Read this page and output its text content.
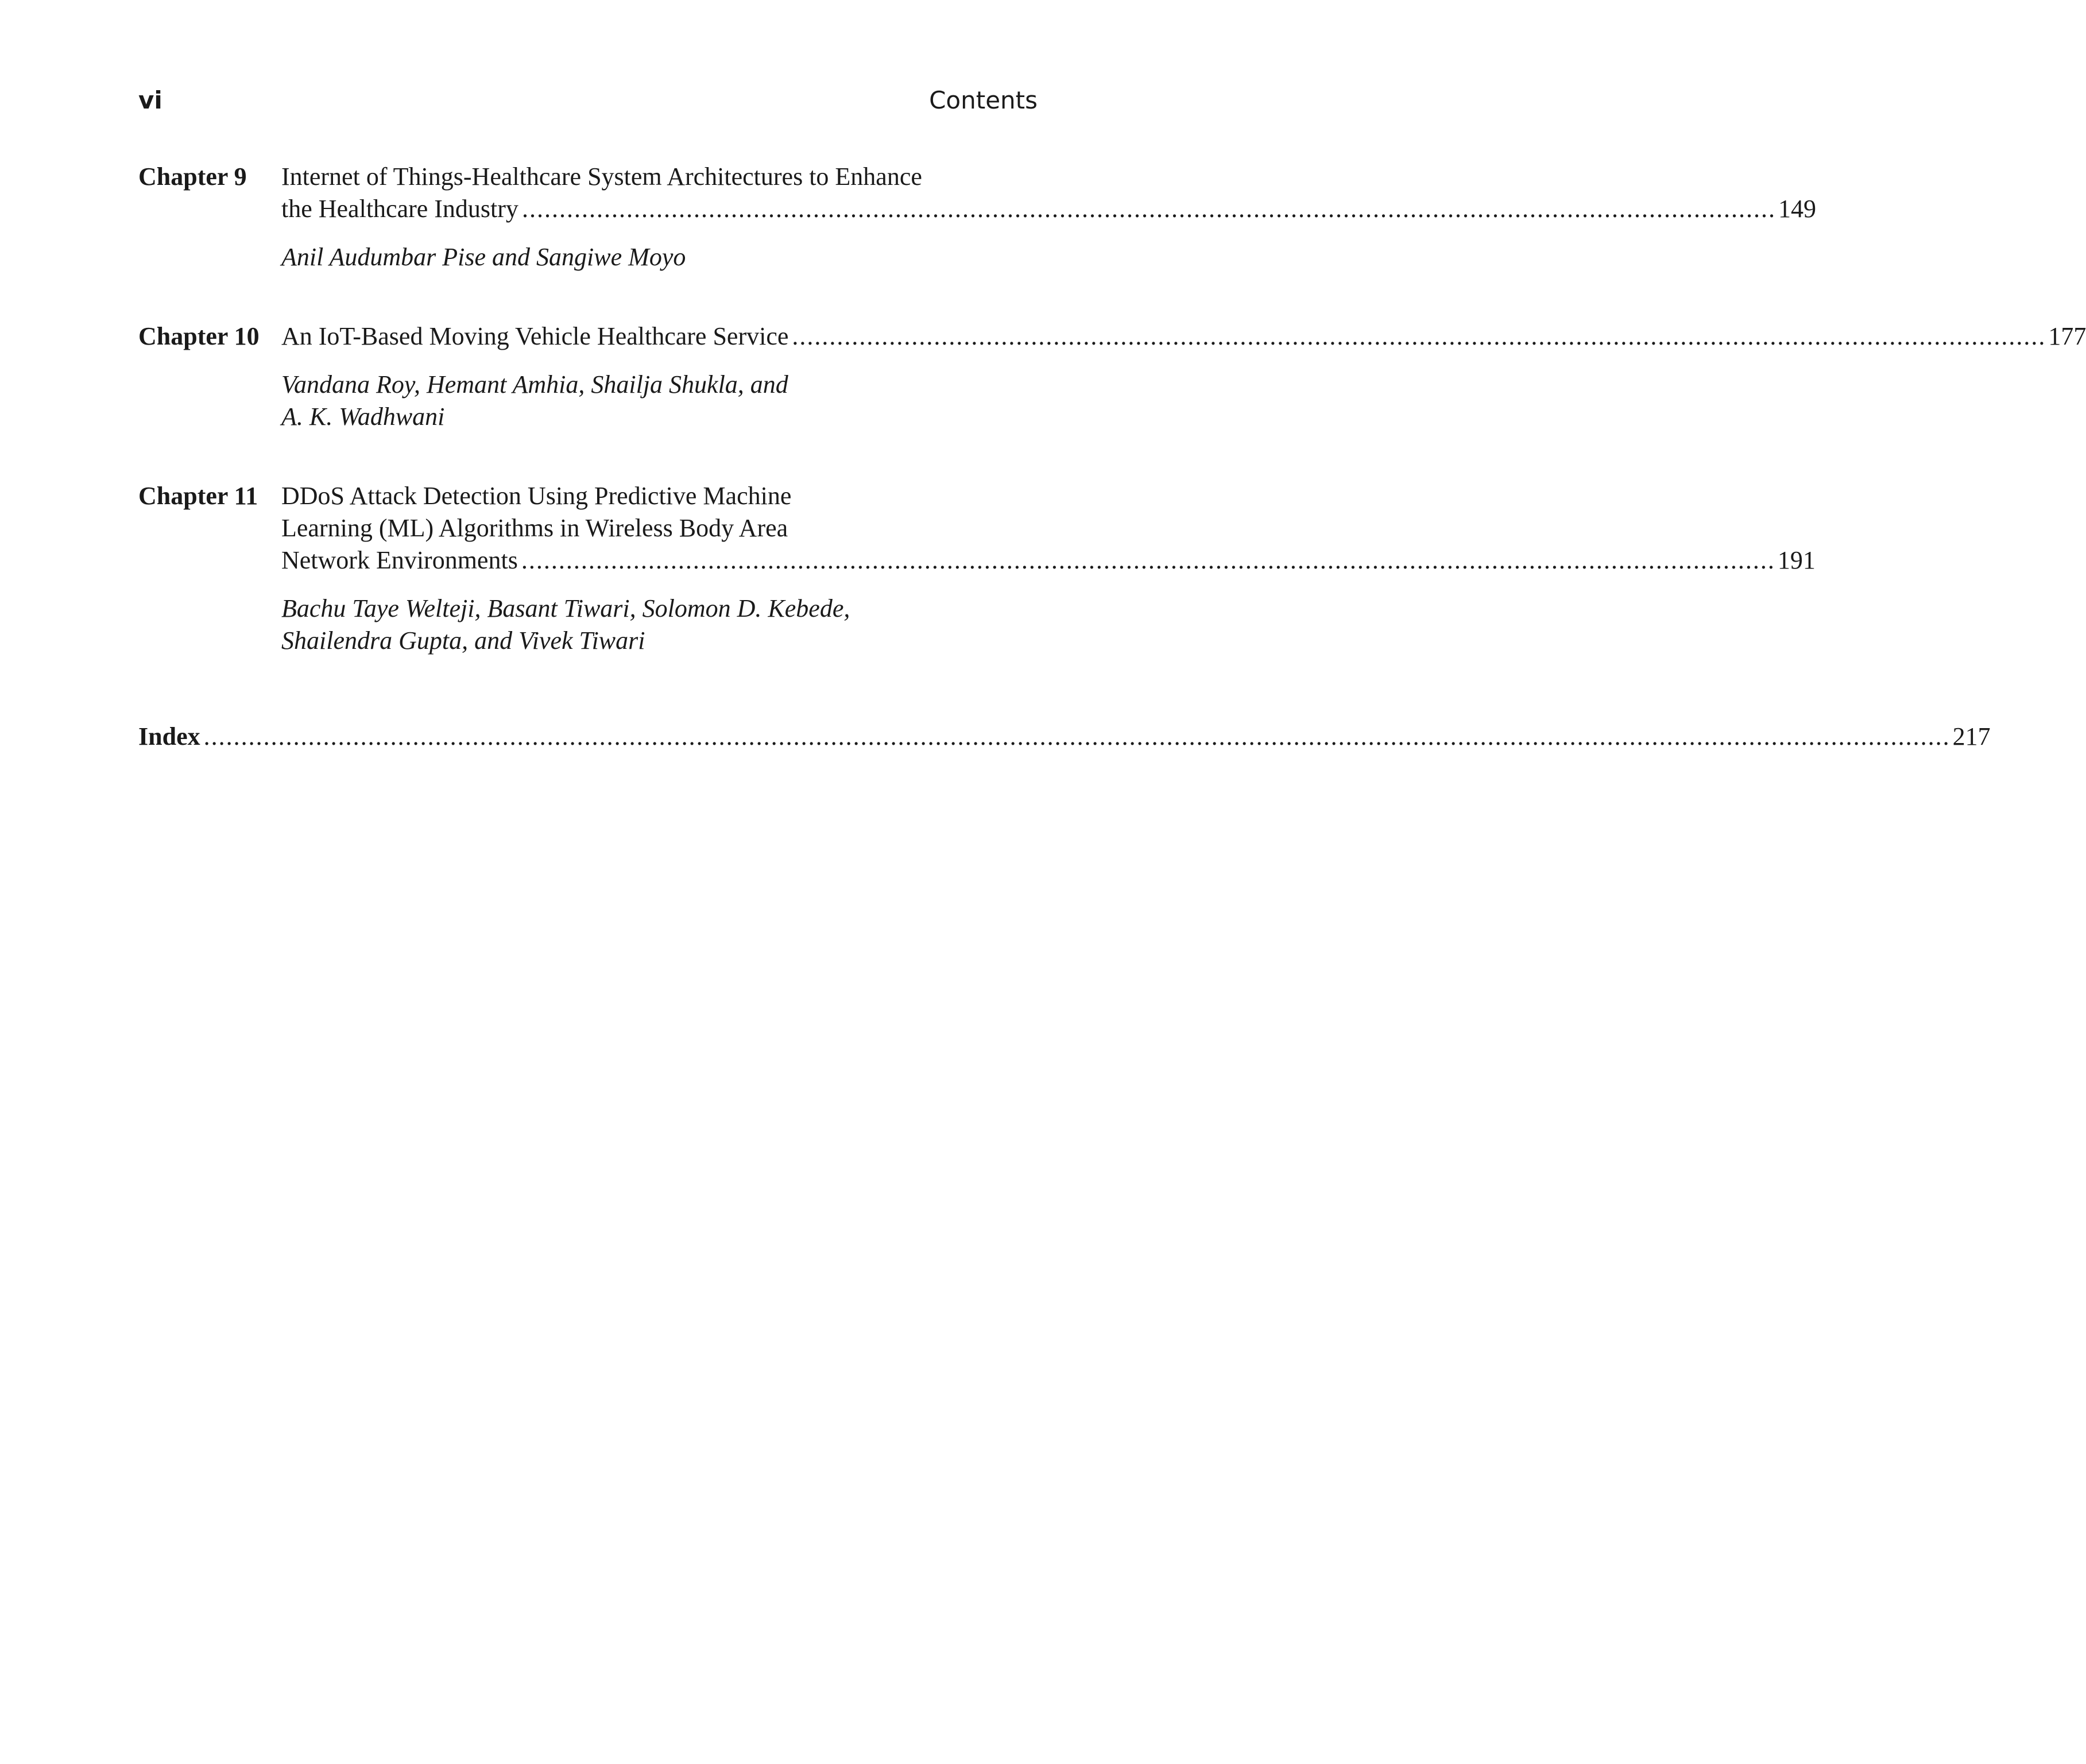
vi	Contents
Chapter 9 Internet of Things-Healthcare System Architectures to Enhance
the Healthcare Industry ........................................................................................................................................................................ 149
Anil Audumbar Pise and Sangiwe Moyo
Chapter 10 An IoT-Based Moving Vehicle Healthcare Service ........................................................................................................................................................................ 177
Vandana Roy, Hemant Amhia, Shailja Shukla, and
A. K. Wadhwani
Chapter 11 DDoS Attack Detection Using Predictive Machine
Learning (ML) Algorithms in Wireless Body Area
Network Environments ........................................................................................................................................................................ 191
Bachu Taye Welteji, Basant Tiwari, Solomon D. Kebede,
Shailendra Gupta, and Vivek Tiwari
Index .......................................................................................................................................................................................................................................... 217
